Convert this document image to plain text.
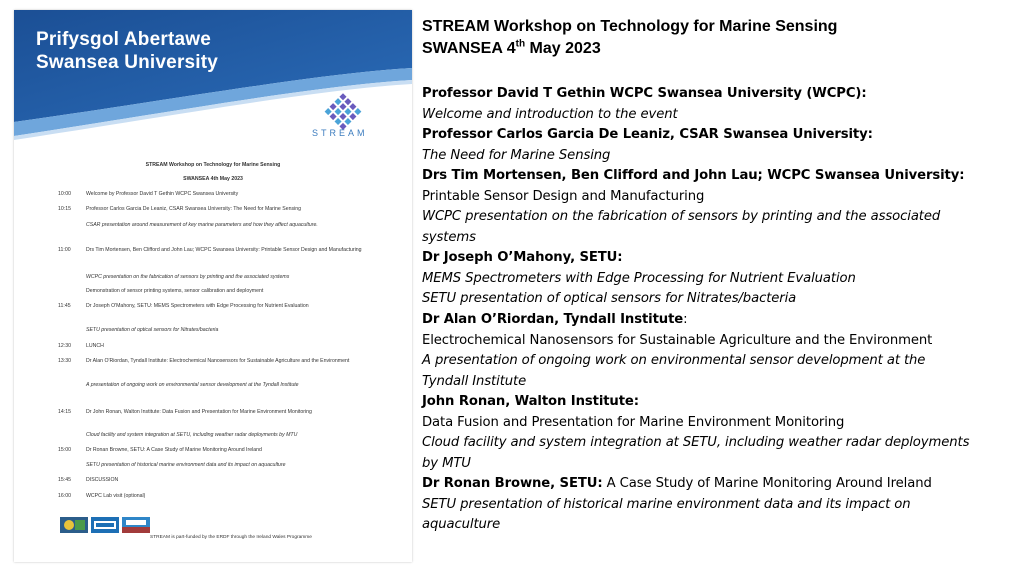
Prifysgol Abertawe
Swansea University
STREAM
STREAM Workshop on Technology for Marine Sensing
SWANSEA 4th May 2023
10:00	Welcome by Professor David T Gethin WCPC Swansea University
10:15	Professor Carlos Garcia De Leaniz, CSAR Swansea University: The Need for Marine Sensing
CSAR presentation around measurement of key marine parameters and how they affect aquaculture.
11:00	Drs Tim Mortensen, Ben Clifford and John Lau; WCPC Swansea University: Printable Sensor Design and Manufacturing
WCPC presentation on the fabrication of sensors by printing and the associated systems
Demonstration of sensor printing systems, sensor calibration and deployment
11:45	Dr Joseph O'Mahony, SETU: MEMS Spectrometers with Edge Processing for Nutrient Evaluation
SETU presentation of optical sensors for Nitrates/bacteria
12:30	LUNCH
13:30	Dr Alan O'Riordan, Tyndall Institute: Electrochemical Nanosensors for Sustainable Agriculture and the Environment
A presentation of ongoing work on environmental sensor development at the Tyndall Institute
14:15	Dr John Ronan, Walton Institute: Data Fusion and Presentation for Marine Environment Monitoring
Cloud facility and system integration at SETU, including weather radar deployments by MTU
15:00	Dr Ronan Browne, SETU: A Case Study of Marine Monitoring Around Ireland
SETU presentation of historical marine environment data and its impact on aquaculture
15:45	DISCUSSION
16:00	WCPC Lab visit (optional)
STREAM is part-funded by the ERDF through the Ireland Wales Programme
STREAM Workshop on Technology for Marine Sensing
SWANSEA 4th May 2023
Professor David T Gethin WCPC Swansea University (WCPC):
Welcome and introduction to the event
Professor Carlos Garcia De Leaniz, CSAR Swansea University:
The Need for Marine Sensing
Drs Tim Mortensen, Ben Clifford and John Lau; WCPC Swansea University:
Printable Sensor Design and Manufacturing
WCPC presentation on the fabrication of sensors by printing and the associated
systems
Dr Joseph O’Mahony, SETU:
MEMS Spectrometers with Edge Processing for Nutrient Evaluation
SETU presentation of optical sensors for Nitrates/bacteria
Dr Alan O’Riordan, Tyndall Institute:
Electrochemical Nanosensors for Sustainable Agriculture and the Environment
A presentation of ongoing work on environmental sensor development at the
Tyndall Institute
John Ronan, Walton Institute:
Data Fusion and Presentation for Marine Environment Monitoring
Cloud facility and system integration at SETU, including weather radar deployments
by MTU
Dr Ronan Browne, SETU: A Case Study of Marine Monitoring Around Ireland
SETU presentation of historical marine environment data and its impact on
aquaculture
